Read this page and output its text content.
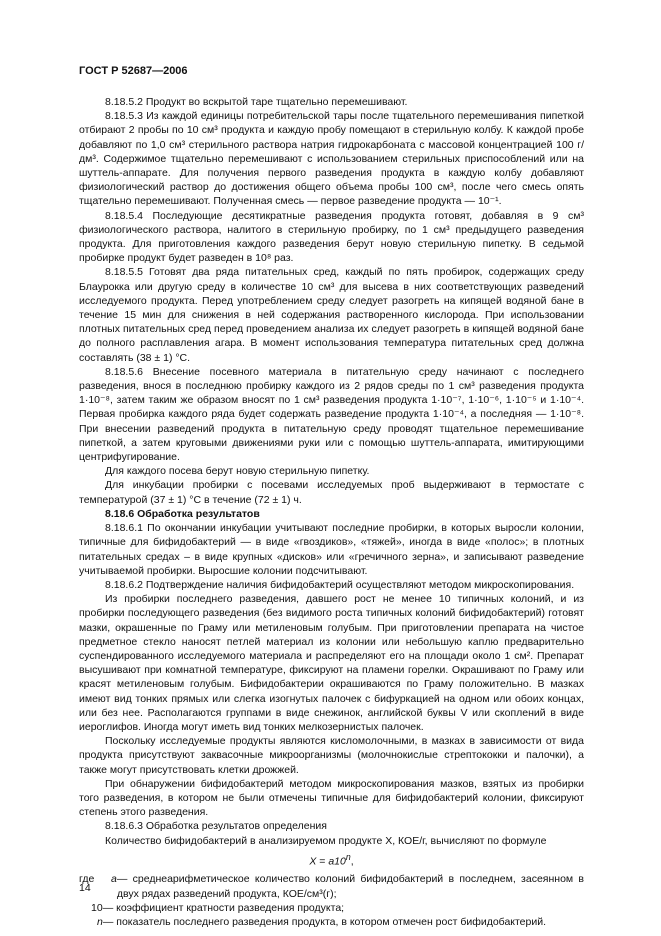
ГОСТ Р 52687—2006

8.18.5.2 Продукт во вскрытой таре тщательно перемешивают.

8.18.5.3 Из каждой единицы потребительской тары после тщательного перемешивания пипеткой отбирают 2 пробы по 10 см³ продукта и каждую пробу помещают в стерильную колбу. К каждой пробе добавляют по 1,0 см³ стерильного раствора натрия гидрокарбоната с массовой концентрацией 100 г/дм³. Содержимое тщательно перемешивают с использованием стерильных приспособлений или на шуттель-аппарате. Для получения первого разведения продукта в каждую колбу добавляют физиологический раствор до достижения общего объема пробы 100 см³, после чего смесь опять тщательно перемешивают. Полученная смесь — первое разведение продукта — 10⁻¹.

8.18.5.4 Последующие десятикратные разведения продукта готовят, добавляя в 9 см³ физиологического раствора, налитого в стерильную пробирку, по 1 см³ предыдущего разведения продукта. Для приготовления каждого разведения берут новую стерильную пипетку. В седьмой пробирке продукт будет разведен в 10⁸ раз.

8.18.5.5 Готовят два ряда питательных сред, каждый по пять пробирок, содержащих среду Блаурокка или другую среду в количестве 10 см³ для высева в них соответствующих разведений исследуемого продукта. Перед употреблением среду следует разогреть на кипящей водяной бане в течение 15 мин для снижения в ней содержания растворенного кислорода. При использовании плотных питательных сред перед проведением анализа их следует разогреть в кипящей водяной бане до полного расплавления агара. В момент использования температура питательных сред должна составлять (38 ± 1) °С.

8.18.5.6 Внесение посевного материала в питательную среду начинают с последнего разведения, внося в последнюю пробирку каждого из 2 рядов среды по 1 см³ разведения продукта 1·10⁻⁸, затем таким же образом вносят по 1 см³ разведения продукта 1·10⁻⁷, 1·10⁻⁶, 1·10⁻⁵ и 1·10⁻⁴. Первая пробирка каждого ряда будет содержать разведение продукта 1·10⁻⁴, а последняя — 1·10⁻⁸. При внесении разведений продукта в питательную среду проводят тщательное перемешивание пипеткой, а затем круговыми движениями руки или с помощью шуттель-аппарата, имитирующими центрифугирование.

Для каждого посева берут новую стерильную пипетку.

Для инкубации пробирки с посевами исследуемых проб выдерживают в термостате с температурой (37 ± 1) °С в течение (72 ± 1) ч.

8.18.6 Обработка результатов

8.18.6.1 По окончании инкубации учитывают последние пробирки, в которых выросли колонии, типичные для бифидобактерий — в виде «гвоздиков», «тяжей», иногда в виде «полос»; в плотных питательных средах – в виде крупных «дисков» или «гречичного зерна», и записывают разведение учитываемой пробирки. Выросшие колонии подсчитывают.

8.18.6.2 Подтверждение наличия бифидобактерий осуществляют методом микроскопирования.

Из пробирки последнего разведения, давшего рост не менее 10 типичных колоний, и из пробирки последующего разведения (без видимого роста типичных колоний бифидобактерий) готовят мазки, окрашенные по Граму или метиленовым голубым. При приготовлении препарата на чистое предметное стекло наносят петлей материал из колонии или небольшую каплю предварительно суспендированного исследуемого материала и распределяют его на площади около 1 см². Препарат высушивают при комнатной температуре, фиксируют на пламени горелки. Окрашивают по Граму или красят метиленовым голубым. Бифидобактерии окрашиваются по Граму положительно. В мазках имеют вид тонких прямых или слегка изогнутых палочек с бифуркацией на одном или обоих концах, или без нее. Располагаются группами в виде снежинок, английской буквы V или скоплений в виде иероглифов. Иногда могут иметь вид тонких мелкозернистых палочек.

Поскольку исследуемые продукты являются кисломолочными, в мазках в зависимости от вида продукта присутствуют заквасочные микроорганизмы (молочнокислые стрептококки и палочки), а также могут присутствовать клетки дрожжей.

При обнаружении бифидобактерий методом микроскопирования мазков, взятых из пробирки того разведения, в котором не были отмечены типичные для бифидобактерий колонии, фиксируют степень этого разведения.

8.18.6.3 Обработка результатов определения

Количество бифидобактерий в анализируемом продукте X, КОЕ/г, вычисляют по формуле

$X = a10^n$,

где	a — среднеарифметическое количество колоний бифидобактерий в последнем, засеянном в двух рядах разведений продукта, КОЕ/см³(г);
10 — коэффициент кратности разведения продукта;
n — показатель последнего разведения продукта, в котором отмечен рост бифидобактерий.
14
